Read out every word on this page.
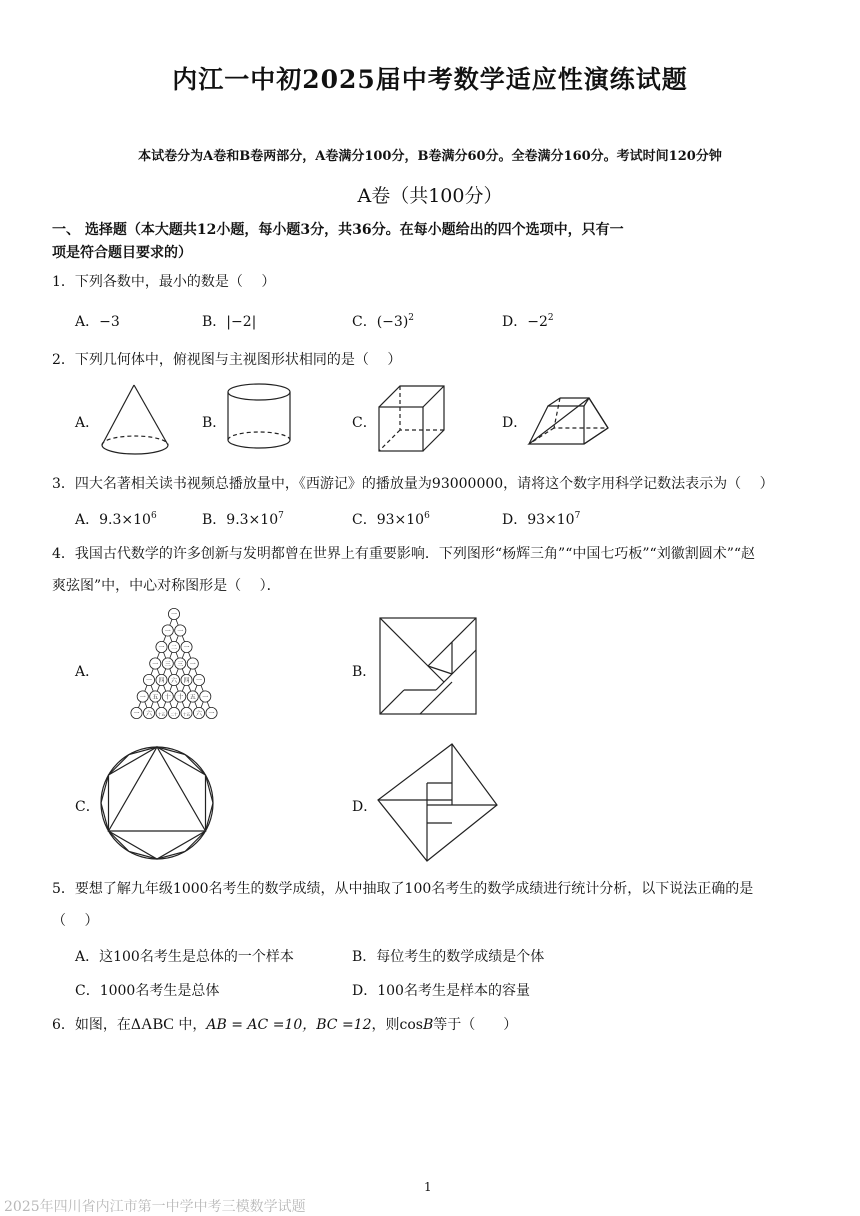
内江一中初2025届中考数学适应性演练试题
本试卷分为A卷和B卷两部分，A卷满分100分，B卷满分60分。全卷满分160分。考试时间120分钟
A卷（共100分）
一、 选择题（本大题共12小题，每小题3分，共36分。在每小题给出的四个选项中，只有一
项是符合题目要求的）
1．下列各数中，最小的数是（　 ）
A．−3	B．|−2|	C．$(-3)^2$	D．$-2^2$
2．下列几何体中，俯视图与主视图形状相同的是（　 ）
A．	B．	C．	D．
3．四大名著相关读书视频总播放量中，《西游记》的播放量为93000000，请将这个数字用科学记数法表示为（　 ）
A．$9.3\times 10^6$	B．$9.3\times 10^7$	C．$93\times 10^6$	D．$93\times 10^7$
4．我国古代数学的许多创新与发明都曾在世界上有重要影响．下列图形“杨辉三角”“中国七巧板”“刘徽割圆术”“赵
爽弦图”中，中心对称图形是（　 ）．
A．
一
一 一
一 二 一
一 三 三 一
一 四 六 四 一
一 五 十 十 五 一
一 六 十五 二十 十五 六 一
B．
C．	D．
5．要想了解九年级1000名考生的数学成绩，从中抽取了100名考生的数学成绩进行统计分析，以下说法正确的是
（　 ）
A．这100名考生是总体的一个样本	B．每位考生的数学成绩是个体
C．1000名考生是总体	D．100名考生是样本的容量
6．如图，在ΔABC 中，AB = AC =10，BC =12，则cosB等于（　　）
1
2025年四川省内江市第一中学中考三模数学试题
